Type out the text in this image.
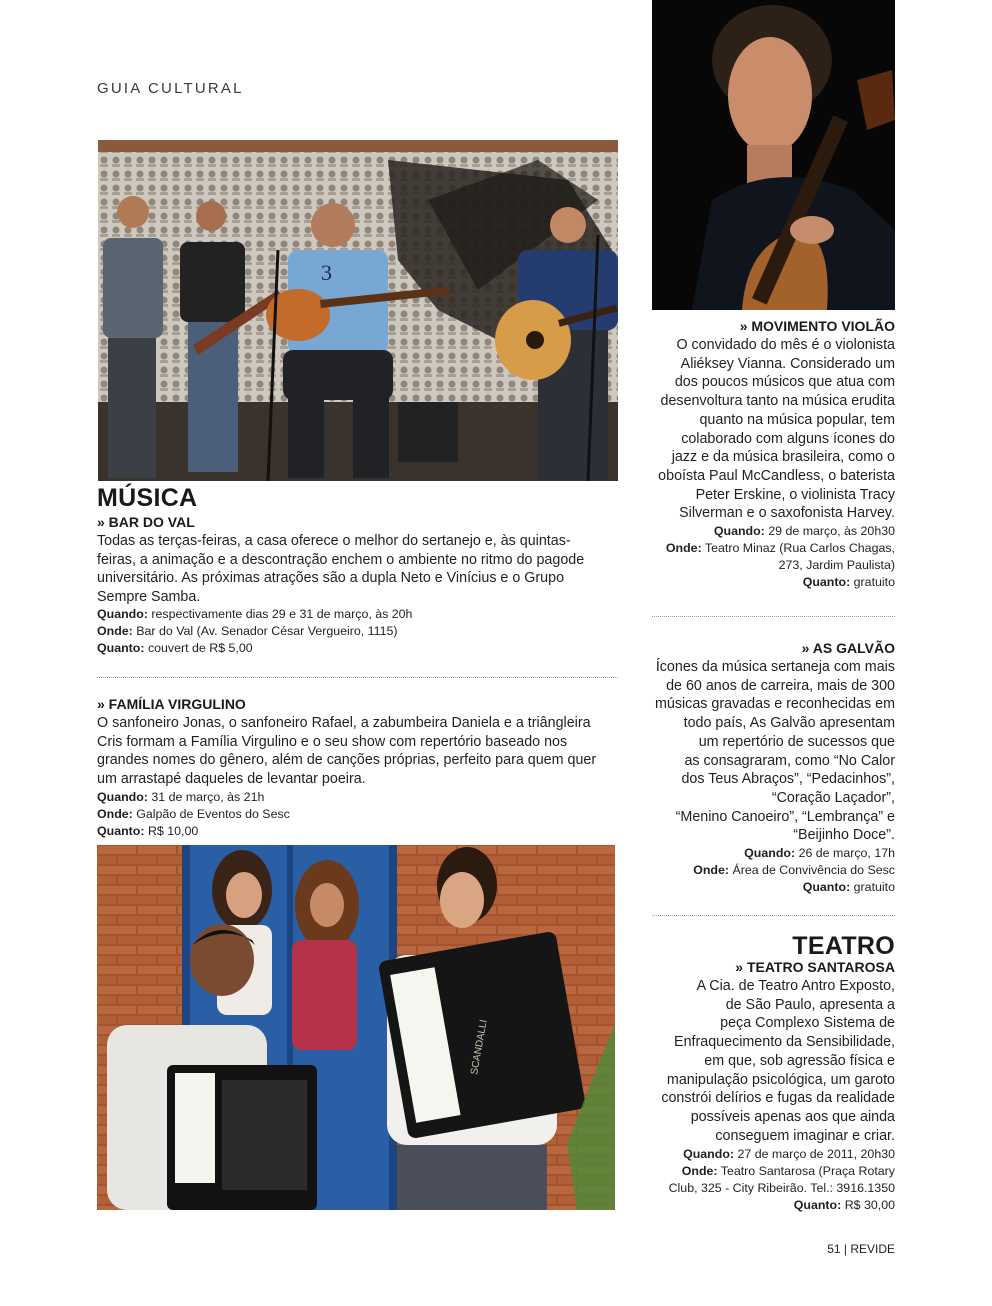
GUIA CULTURAL
3
» MOVIMENTO VIOLÃO
O convidado do mês é o violonista
Aliéksey Vianna. Considerado um
dos poucos músicos que atua com
desenvoltura tanto na música erudita
quanto na música popular, tem
colaborado com alguns ícones do
jazz e da música brasileira, como o
oboísta Paul McCandless, o baterista
Peter Erskine, o violinista Tracy
Silverman e o saxofonista Harvey.
Quando: 29 de março, às 20h30
Onde: Teatro Minaz (Rua Carlos Chagas,
273, Jardim Paulista)
Quanto: gratuito
» AS GALVÃO
Ícones da música sertaneja com mais
de 60 anos de carreira, mais de 300
músicas gravadas e reconhecidas em
todo país, As Galvão apresentam
um repertório de sucessos que
as consagraram, como “No Calor
dos Teus Abraços”, “Pedacinhos”,
“Coração Laçador”,
“Menino Canoeiro”, “Lembrança” e
“Beijinho Doce”.
Quando: 26 de março, 17h
Onde: Área de Convivência do Sesc
Quanto: gratuito
TEATRO
» TEATRO SANTAROSA
A Cia. de Teatro Antro Exposto,
de São Paulo, apresenta a
peça Complexo Sistema de
Enfraquecimento da Sensibilidade,
em que, sob agressão física e
manipulação psicológica, um garoto
constrói delírios e fugas da realidade
possíveis apenas aos que ainda
conseguem imaginar e criar.
Quando: 27 de março de 2011, 20h30
Onde: Teatro Santarosa (Praça Rotary
Club, 325 - City Ribeirão. Tel.: 3916.1350
Quanto: R$ 30,00
MÚSICA
» BAR DO VAL
Todas as terças-feiras, a casa oferece o melhor do sertanejo e, às quintas-
feiras, a animação e a descontração enchem o ambiente no ritmo do pagode
universitário. As próximas atrações são a dupla Neto e Vinícius e o Grupo
Sempre Samba.
Quando: respectivamente dias 29 e 31 de março, às 20h
Onde: Bar do Val (Av. Senador César Vergueiro, 1115)
Quanto: couvert de R$ 5,00
» FAMÍLIA VIRGULINO
O sanfoneiro Jonas, o sanfoneiro Rafael, a zabumbeira Daniela e a triângleira
Cris formam a Família Virgulino e o seu show com repertório baseado nos
grandes nomes do gênero, além de canções próprias, perfeito para quem quer
um arrastapé daqueles de levantar poeira.
Quando: 31 de março, às 21h
Onde: Galpão de Eventos do Sesc
Quanto: R$ 10,00
SCANDALLI
51 | REVIDE
